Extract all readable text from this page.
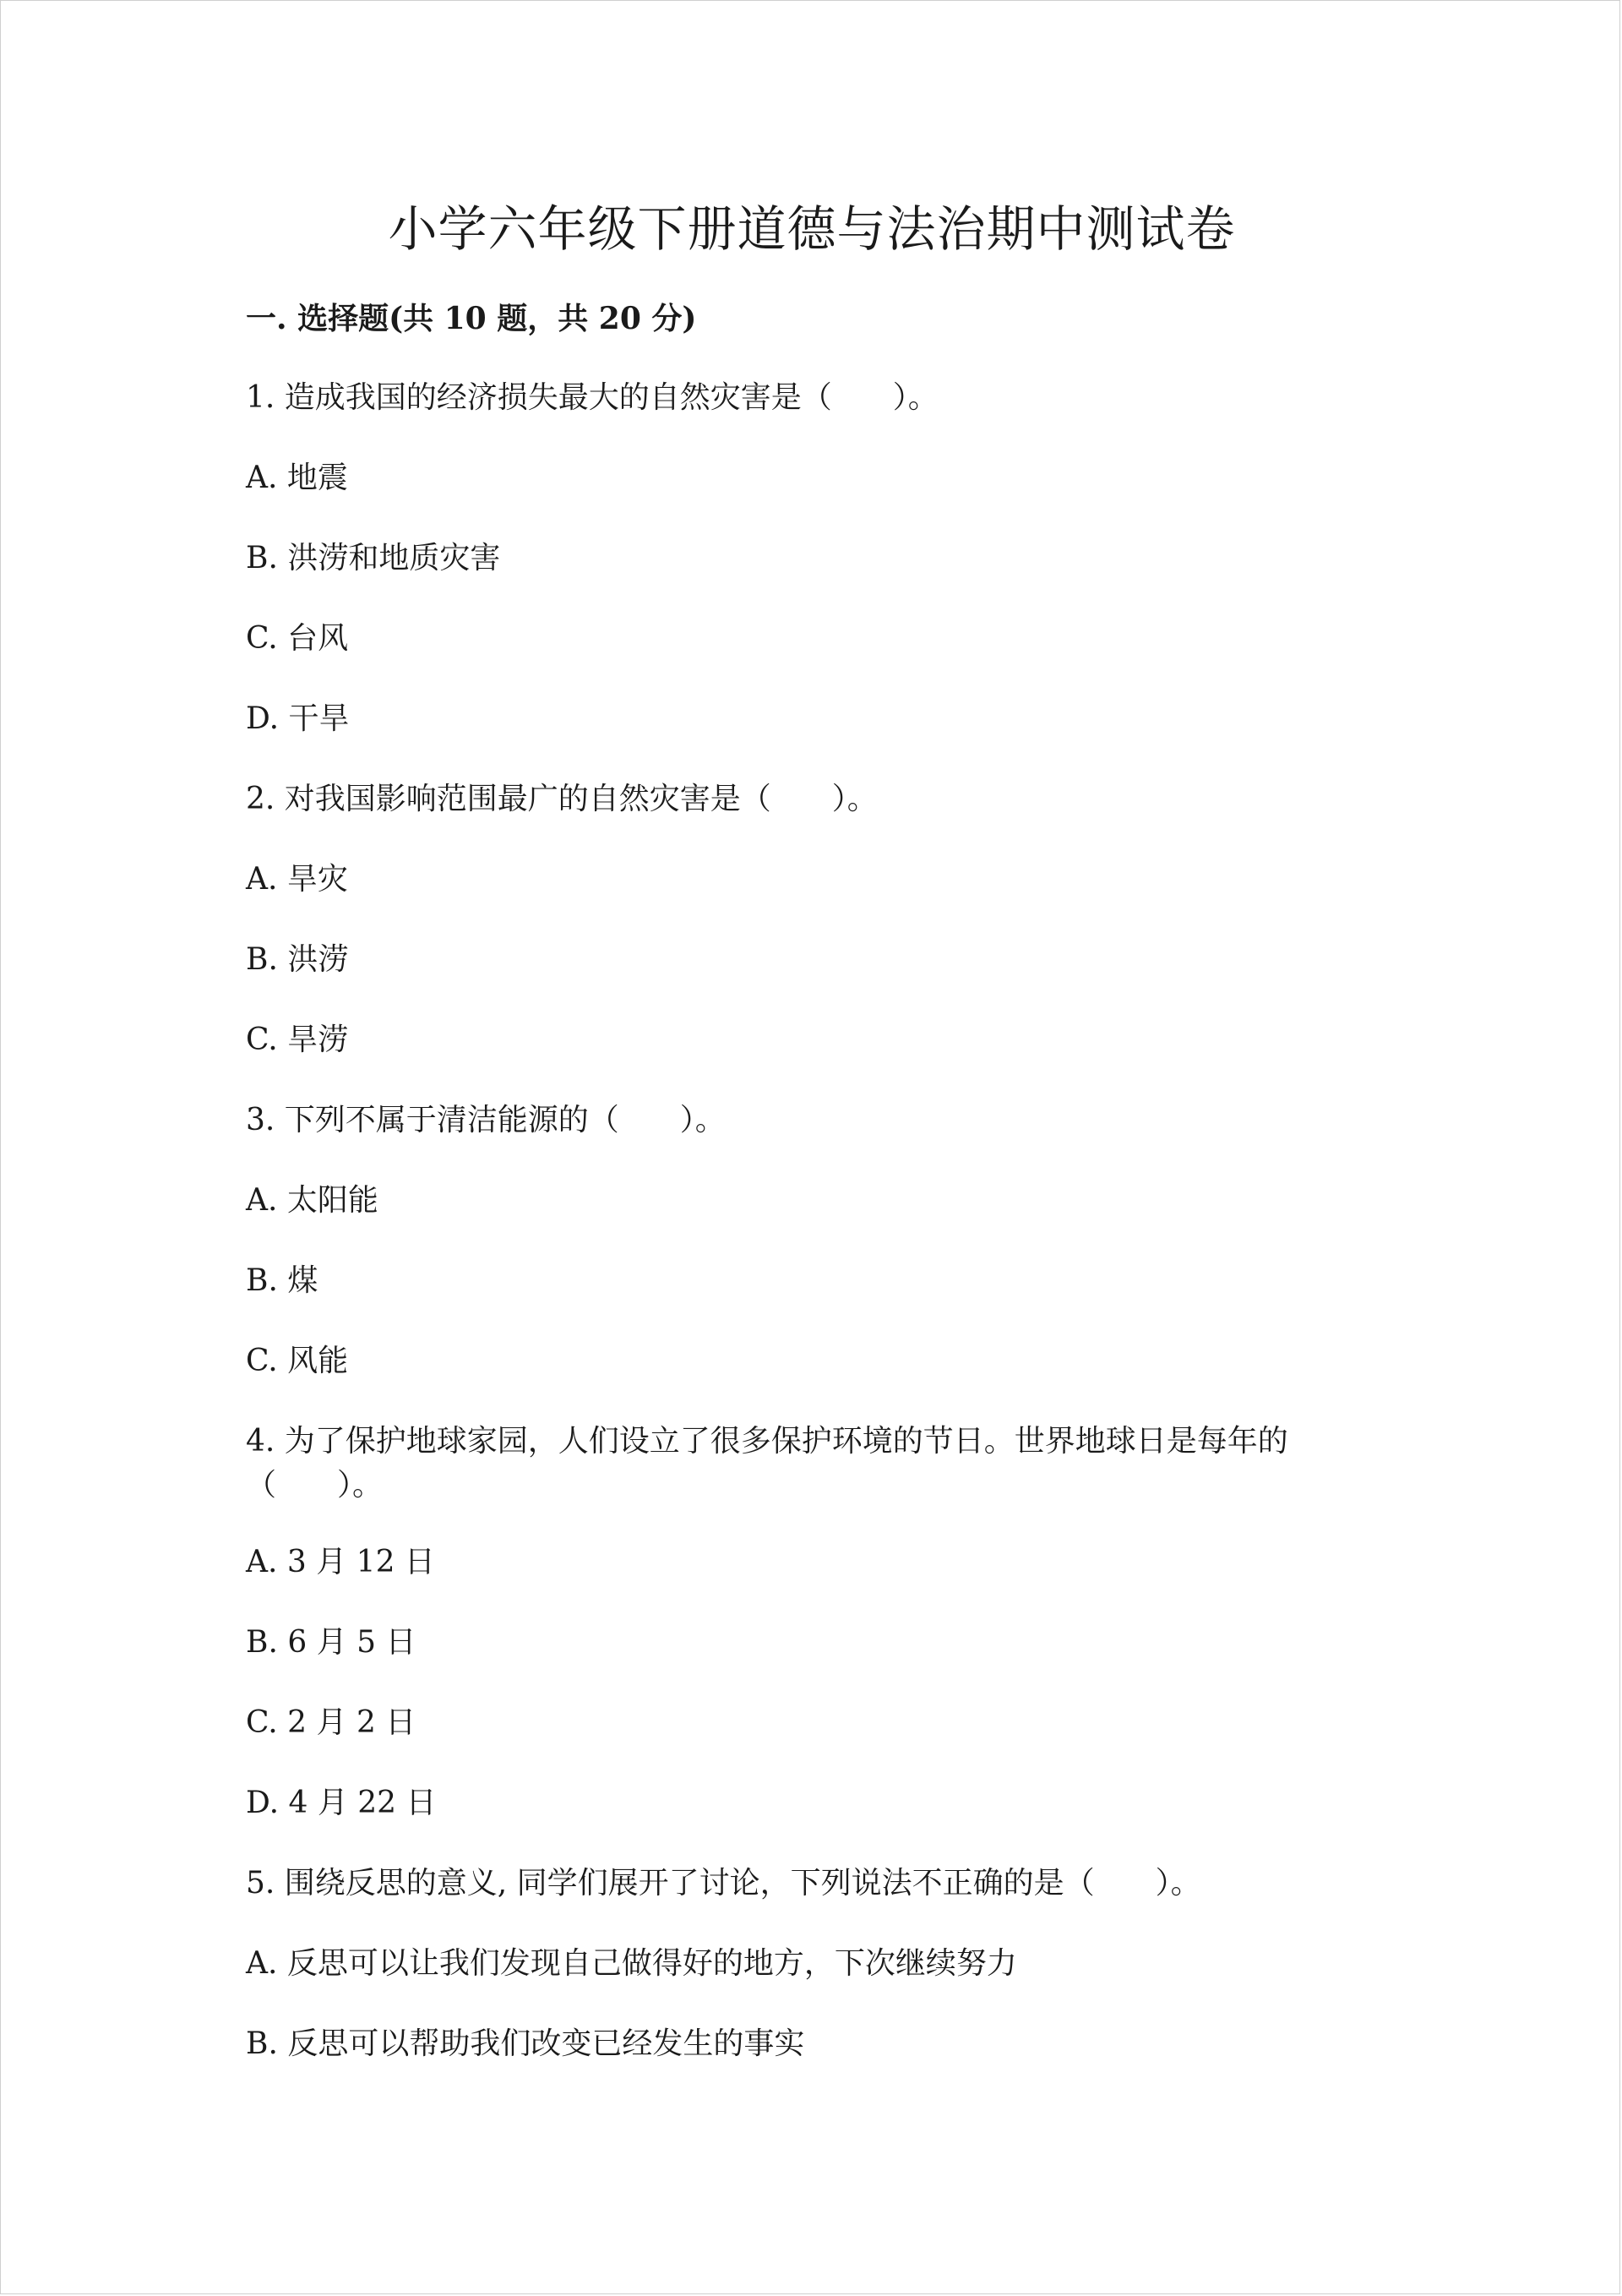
小学六年级下册道德与法治期中测试卷
一. 选择题(共 10 题，共 20 分)

1. 造成我国的经济损失最大的自然灾害是（　　）。

A. 地震

B. 洪涝和地质灾害

C. 台风

D. 干旱

2. 对我国影响范围最广的自然灾害是（　　）。

A. 旱灾

B. 洪涝

C. 旱涝

3. 下列不属于清洁能源的（　　）。

A. 太阳能

B. 煤

C. 风能

4. 为了保护地球家园，人们设立了很多保护环境的节日。世界地球日是每年的（　　）。

A. 3 月 12 日

B. 6 月 5 日

C. 2 月 2 日

D. 4 月 22 日

5. 围绕反思的意义, 同学们展开了讨论，下列说法不正确的是（　　）。

A. 反思可以让我们发现自己做得好的地方，下次继续努力

B. 反思可以帮助我们改变已经发生的事实
